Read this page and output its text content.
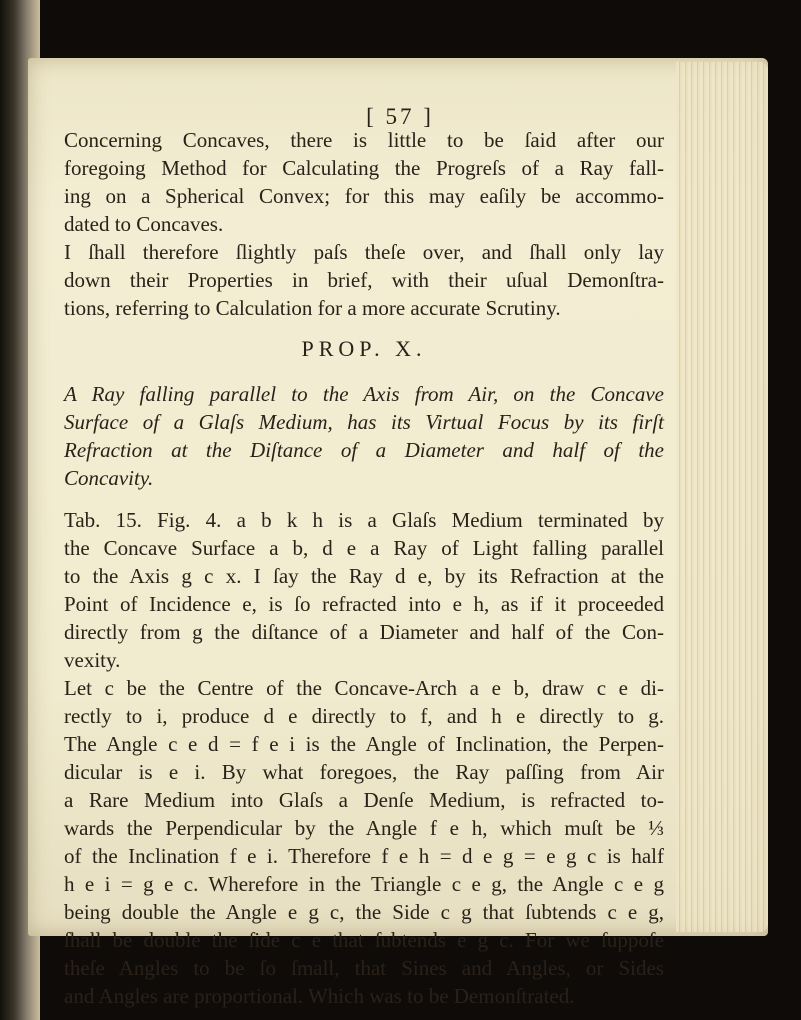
[ 57 ]

Concerning Concaves, there is little to be ſaid after our

foregoing Method for Calculating the Progreſs of a Ray fall-

ing on a Spherical Convex; for this may eaſily be accommo-

dated to Concaves.

I ſhall therefore ſlightly paſs theſe over, and ſhall only lay

down their Properties in brief, with their uſual Demonſtra-

tions, referring to Calculation for a more accurate Scrutiny.

PROP. X.

A Ray falling parallel to the Axis from Air, on the Concave

Surface of a Glaſs Medium, has its Virtual Focus by its firſt

Refraction at the Diſtance of a Diameter and half of the

Concavity.

Tab. 15. Fig. 4. a b k h is a Glaſs Medium terminated by

the Concave Surface a b, d e a Ray of Light falling parallel

to the Axis g c x. I ſay the Ray d e, by its Refraction at the

Point of Incidence e, is ſo refracted into e h, as if it proceeded

directly from g the diſtance of a Diameter and half of the Con-

vexity.

Let c be the Centre of the Concave-Arch a e b, draw c e di-

rectly to i, produce d e directly to f, and h e directly to g.

The Angle c e d = f e i is the Angle of Inclination, the Perpen-

dicular is e i. By what foregoes, the Ray paſſing from Air

a Rare Medium into Glaſs a Denſe Medium, is refracted to-

wards the Perpendicular by the Angle f e h, which muſt be ⅓

of the Inclination f e i. Therefore f e h = d e g = e g c is half

h e i = g e c. Wherefore in the Triangle c e g, the Angle c e g

being double the Angle e g c, the Side c g that ſubtends c e g,

ſhall be double the ſide c e that ſubtends e g c. For we ſuppoſe

theſe Angles to be ſo ſmall, that Sines and Angles, or Sides

and Angles are proportional. Which was to be Demonſtrated.
